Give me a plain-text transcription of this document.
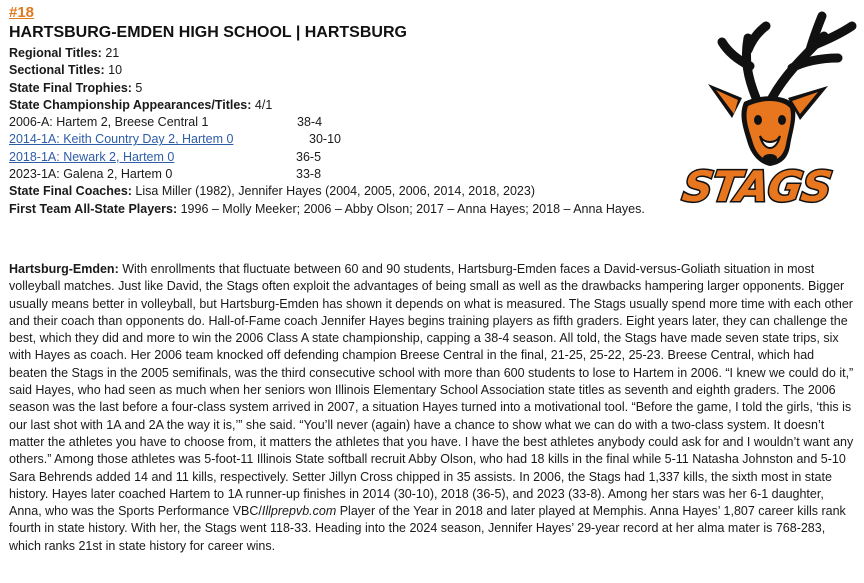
#18
HARTSBURG-EMDEN HIGH SCHOOL | HARTSBURG
Regional Titles: 21
Sectional Titles: 10
State Final Trophies: 5
State Championship Appearances/Titles: 4/1
2006-A: Hartem 2, Breese Central 1	38-4
2014-1A: Keith Country Day 2, Hartem 0	30-10
2018-1A: Newark 2, Hartem 0	36-5
2023-1A: Galena 2, Hartem 0	33-8
State Final Coaches: Lisa Miller (1982), Jennifer Hayes (2004, 2005, 2006, 2014, 2018, 2023)
First Team All-State Players: 1996 – Molly Meeker; 2006 – Abby Olson; 2017 – Anna Hayes; 2018 – Anna Hayes. STAGS
Hartsburg-Emden: With enrollments that fluctuate between 60 and 90 students, Hartsburg-Emden faces a David-versus-Goliath situation in most volleyball matches. Just like David, the Stags often exploit the advantages of being small as well as the drawbacks hampering larger opponents. Bigger usually means better in volleyball, but Hartsburg-Emden has shown it depends on what is measured. The Stags usually spend more time with each other and their coach than opponents do. Hall-of-Fame coach Jennifer Hayes begins training players as fifth graders. Eight years later, they can challenge the best, which they did and more to win the 2006 Class A state championship, capping a 38-4 season. All told, the Stags have made seven state trips, six with Hayes as coach. Her 2006 team knocked off defending champion Breese Central in the final, 21-25, 25-22, 25-23. Breese Central, which had beaten the Stags in the 2005 semifinals, was the third consecutive school with more than 600 students to lose to Hartem in 2006. “I knew we could do it,” said Hayes, who had seen as much when her seniors won Illinois Elementary School Association state titles as seventh and eighth graders. The 2006 season was the last before a four-class system arrived in 2007, a situation Hayes turned into a motivational tool. “Before the game, I told the girls, ‘this is our last shot with 1A and 2A the way it is,’” she said. “You’ll never (again) have a chance to show what we can do with a two-class system. It doesn’t matter the athletes you have to choose from, it matters the athletes that you have. I have the best athletes anybody could ask for and I wouldn’t want any others.” Among those athletes was 5-foot-11 Illinois State softball recruit Abby Olson, who had 18 kills in the final while 5-11 Natasha Johnston and 5-10 Sara Behrends added 14 and 11 kills, respectively. Setter Jillyn Cross chipped in 35 assists. In 2006, the Stags had 1,337 kills, the sixth most in state history. Hayes later coached Hartem to 1A runner-up finishes in 2014 (30-10), 2018 (36-5), and 2023 (33-8). Among her stars was her 6-1 daughter, Anna, who was the Sports Performance VBC/Illprepvb.com Player of the Year in 2018 and later played at Memphis. Anna Hayes’ 1,807 career kills rank fourth in state history. With her, the Stags went 118-33. Heading into the 2024 season, Jennifer Hayes’ 29-year record at her alma mater is 768-283, which ranks 21st in state history for career wins.
